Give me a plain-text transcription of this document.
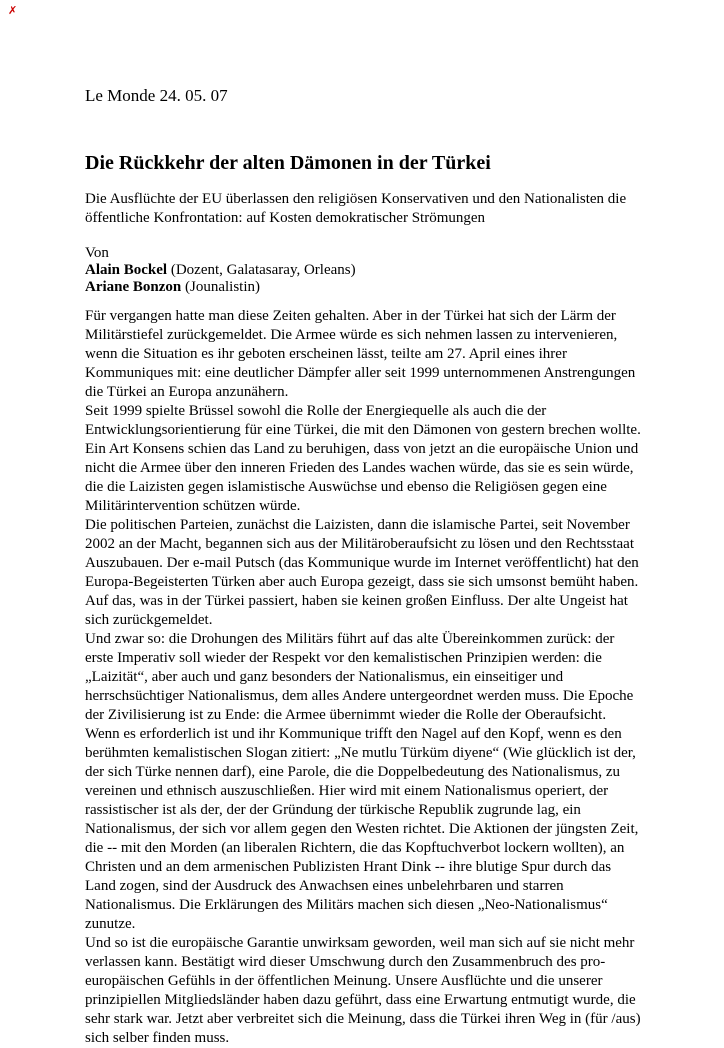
✗
Le Monde 24. 05. 07
Die Rückkehr der alten Dämonen in der Türkei
Die Ausflüchte der EU überlassen den religiösen Konservativen und den Nationalisten die öffentliche Konfrontation: auf Kosten demokratischer Strömungen
Von
Alain Bockel (Dozent, Galatasaray, Orleans)
Ariane Bonzon (Jounalistin)

Für vergangen hatte man diese Zeiten gehalten. Aber in der Türkei hat sich der Lärm der Militärstiefel zurückgemeldet. Die Armee würde es sich nehmen lassen zu intervenieren, wenn die Situation es ihr geboten erscheinen lässt, teilte am 27. April eines ihrer Kommuniques mit: eine deutlicher Dämpfer aller seit 1999 unternommenen Anstrengungen die Türkei an Europa anzunähern.

Seit 1999 spielte Brüssel sowohl die Rolle der Energiequelle als auch die der Entwicklungsorientierung für eine Türkei, die mit den Dämonen von gestern brechen wollte. Ein Art Konsens schien das Land zu beruhigen, dass von jetzt an die europäische Union und nicht die Armee über den inneren Frieden des Landes wachen würde, das sie es sein würde, die die Laizisten gegen islamistische Auswüchse und ebenso die Religiösen gegen eine Militärintervention schützen würde.

Die politischen Parteien, zunächst die Laizisten, dann die islamische Partei, seit November 2002 an der Macht, begannen sich aus der Militäroberaufsicht zu lösen und den Rechtsstaat Auszubauen. Der e-mail Putsch (das Kommunique wurde im Internet veröffentlicht) hat den Europa-Begeisterten Türken aber auch Europa gezeigt, dass sie sich umsonst bemüht haben. Auf das, was in der Türkei passiert, haben sie keinen großen Einfluss. Der alte Ungeist hat sich zurückgemeldet.

Und zwar so: die Drohungen des Militärs führt auf das alte Übereinkommen zurück: der erste Imperativ soll wieder der Respekt vor den kemalistischen Prinzipien werden: die „Laizität“, aber auch und ganz besonders der Nationalismus, ein einseitiger und herrschsüchtiger Nationalismus, dem alles Andere untergeordnet werden muss. Die Epoche der Zivilisierung ist zu Ende: die Armee übernimmt wieder die Rolle der Oberaufsicht.

Wenn es erforderlich ist und ihr Kommunique trifft den Nagel auf den Kopf, wenn es den berühmten kemalistischen Slogan zitiert: „Ne mutlu Türküm diyene“ (Wie glücklich ist der, der sich Türke nennen darf), eine Parole, die die Doppelbedeutung des Nationalismus, zu vereinen und ethnisch auszuschließen. Hier wird mit einem Nationalismus operiert, der rassistischer ist als der, der der Gründung der türkische Republik zugrunde lag, ein Nationalismus, der sich vor allem gegen den Westen richtet. Die Aktionen der jüngsten Zeit, die -- mit den Morden (an liberalen Richtern, die das Kopftuchverbot lockern wollten), an Christen und an dem armenischen Publizisten Hrant Dink -- ihre blutige Spur durch das Land zogen, sind der Ausdruck des Anwachsen eines unbelehrbaren und starren Nationalismus. Die Erklärungen des Militärs machen sich diesen „Neo-Nationalismus“ zunutze.

Und so ist die europäische Garantie unwirksam geworden, weil man sich auf sie nicht mehr verlassen kann. Bestätigt wird dieser Umschwung durch den Zusammenbruch des pro-europäischen Gefühls in der öffentlichen Meinung. Unsere Ausflüchte und die unserer prinzipiellen Mitgliedsländer haben dazu geführt, dass eine Erwartung entmutigt wurde, die sehr stark war. Jetzt aber verbreitet sich die Meinung, dass die Türkei ihren Weg in (für /aus) sich selber finden muss.
